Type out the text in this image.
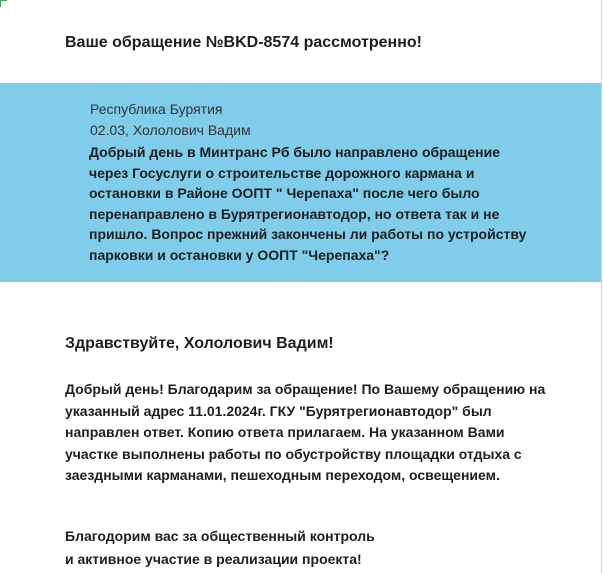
Ваше обращение №BKD-8574 рассмотренно!
Республика Бурятия
02.03, Хололович Вадим
Добрый день в Минтранс Рб было направлено обращение через Госуслуги о строительстве дорожного кармана и остановки в Районе ООПТ " Черепаха" после чего было перенаправлено в Бурятрегионавтодор, но ответа так и не пришло. Вопрос прежний закончены ли работы по устройству парковки и остановки у ООПТ "Черепаха"?
Здравствуйте, Хололович Вадим!
Добрый день! Благодарим за обращение! По Вашему обращению на указанный адрес 11.01.2024г. ГКУ "Бурятрегионавтодор" был направлен ответ. Копию ответа прилагаем. На указанном Вами участке выполнены работы по обустройству площадки отдыха с заездными карманами, пешеходным переходом, освещением.
Благодорим вас за общественный контроль
и активное участие в реализации проекта!
